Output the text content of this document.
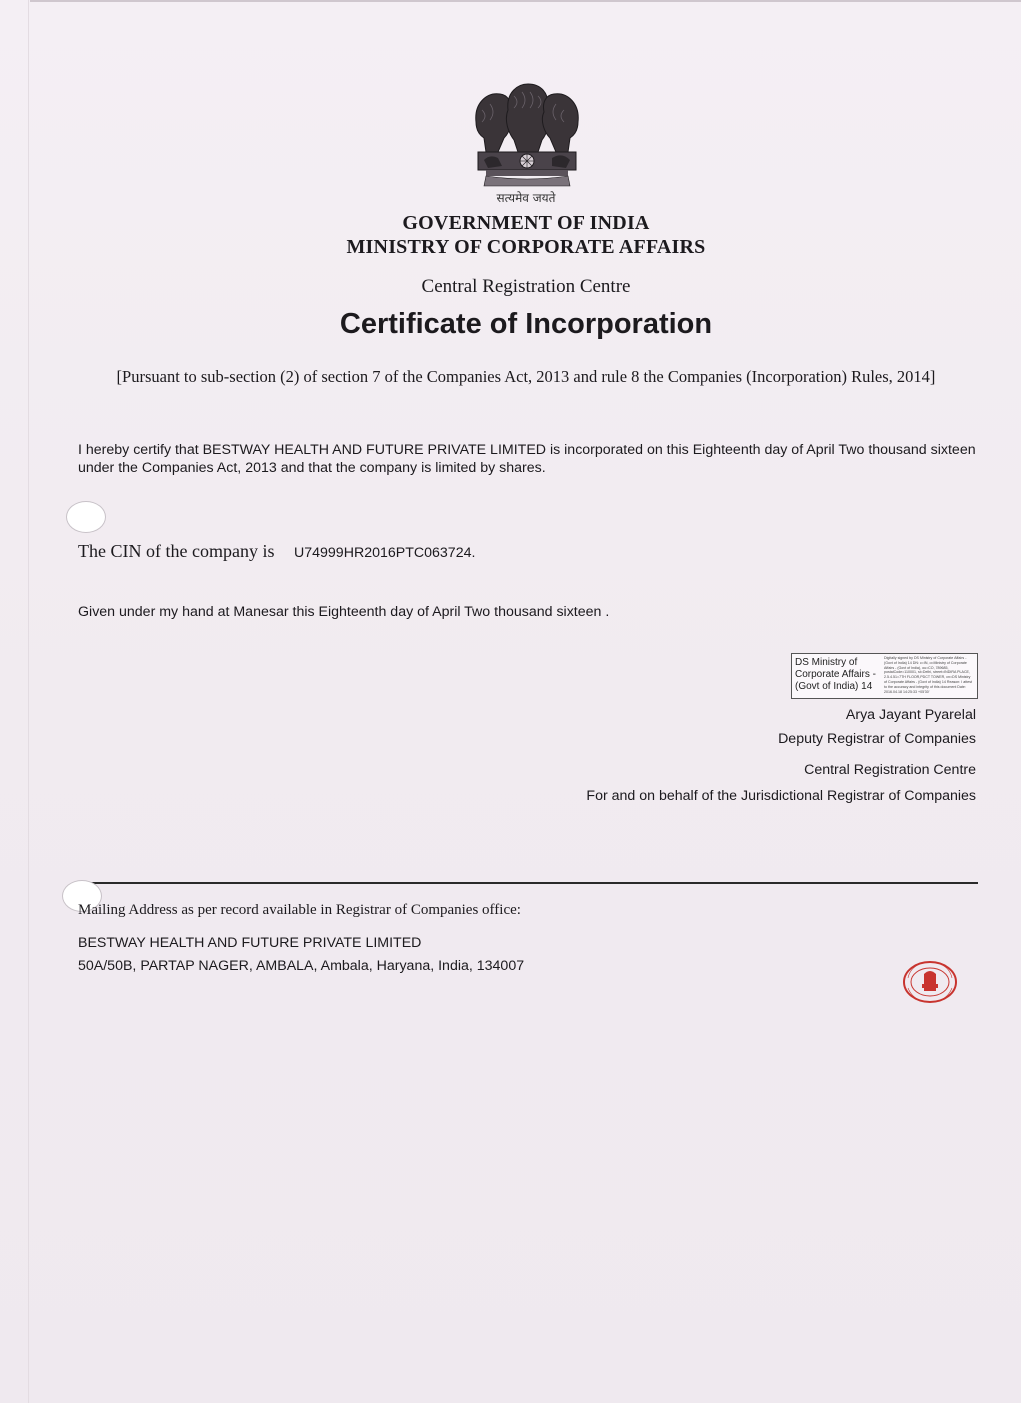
सत्यमेव जयते
GOVERNMENT OF INDIA
MINISTRY OF CORPORATE AFFAIRS
Central Registration Centre
Certificate of Incorporation
[Pursuant to sub-section (2) of section 7 of the Companies Act, 2013 and rule 8 the Companies (Incorporation) Rules, 2014]
I hereby certify that BESTWAY HEALTH AND FUTURE PRIVATE LIMITED is incorporated on this Eighteenth day of April Two thousand sixteen under the Companies Act, 2013 and that the company is limited by shares.
The CIN of the company is U74999HR2016PTC063724.
Given under my hand at Manesar this Eighteenth day of April Two thousand sixteen .
DS Ministry of Corporate Affairs - (Govt of India) 14
Digitally signed by DS Ministry of Corporate Affairs - (Govt of India) 14 DN: c=IN, o=Ministry of Corporate Affairs - (Govt of India), ou=CO, 789685, postalCode=110001, st=Delhi, street=INDIRA PLACE, 2.5.4.51=7TH FLOOR,PDCT TOWER, cn=DS Ministry of Corporate Affairs - (Govt of India) 14 Reason: I attest to the accuracy and integrity of this document Date: 2016.04.18 14:25:33 +05'30'
Arya Jayant Pyarelal
Deputy Registrar of Companies
Central Registration Centre
For and on behalf of the Jurisdictional Registrar of Companies
Mailing Address as per record available in Registrar of Companies office:
BESTWAY HEALTH AND FUTURE PRIVATE LIMITED
50A/50B, PARTAP NAGER, AMBALA, Ambala, Haryana, India, 134007
